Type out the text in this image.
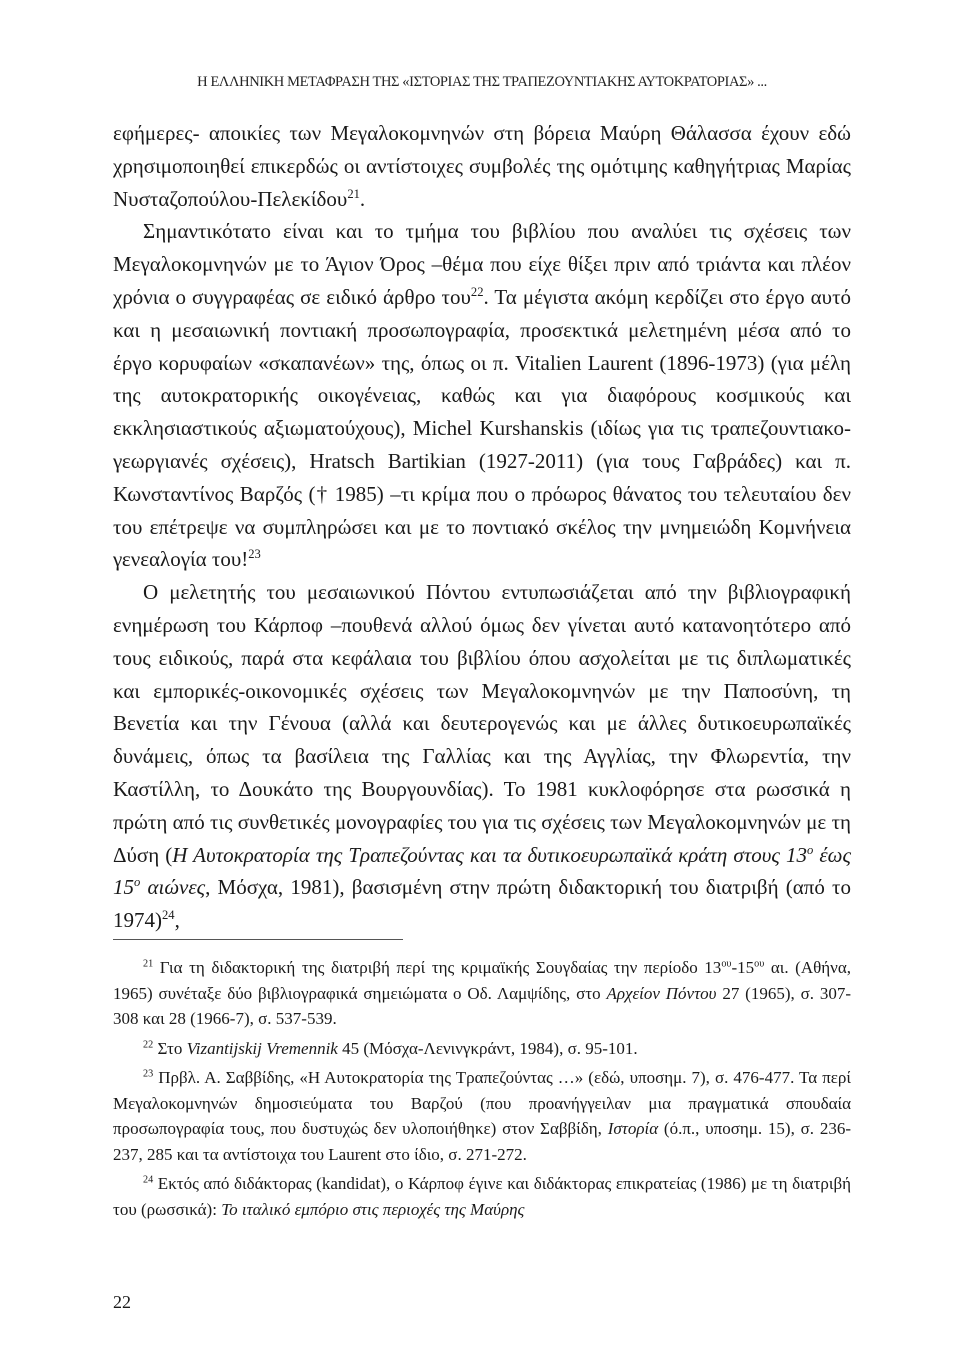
Η ΕΛΛΗΝΙΚΗ ΜΕΤΑΦΡΑΣΗ ΤΗΣ «ΙΣΤΟΡΙΑΣ ΤΗΣ ΤΡΑΠΕΖΟΥΝΤΙΑΚΗΣ ΑΥΤΟΚΡΑΤΟΡΙΑΣ» ...

εφήμερες- αποικίες των Μεγαλοκομνηνών στη βόρεια Μαύρη Θάλασσα έχουν εδώ χρησιμοποιηθεί επικερδώς οι αντίστοιχες συμβολές της ομότιμης καθηγήτριας Μαρίας Νυσταζοπούλου-Πελεκίδου$^{21}$.

Σημαντικότατο είναι και το τμήμα του βιβλίου που αναλύει τις σχέσεις των Μεγαλοκομνηνών με το Άγιον Όρος –θέμα που είχε θίξει πριν από τριάντα και πλέον χρόνια ο συγγραφέας σε ειδικό άρθρο του$^{22}$. Τα μέγιστα ακόμη κερδίζει στο έργο αυτό και η μεσαιωνική ποντιακή προσωπογραφία, προσεκτικά μελετημένη μέσα από το έργο κορυφαίων «σκαπανέων» της, όπως οι π. Vitalien Laurent (1896-1973) (για μέλη της αυτοκρατορικής οικογένειας, καθώς και για διαφόρους κοσμικούς και εκκλησιαστικούς αξιωματούχους), Michel Kurshanskis (ιδίως για τις τραπεζουντιακο-γεωργιανές σχέσεις), Hratsch Bartikian (1927-2011) (για τους Γαβράδες) και π. Κωνσταντίνος Βαρζός († 1985) –τι κρίμα που ο πρόωρος θάνατος του τελευταίου δεν του επέτρεψε να συμπληρώσει και με το ποντιακό σκέλος την μνημειώδη Κομνήνεια γενεαλογία του!$^{23}$

Ο μελετητής του μεσαιωνικού Πόντου εντυπωσιάζεται από την βιβλιογραφική ενημέρωση του Κάρποφ –πουθενά αλλού όμως δεν γίνεται αυτό κατανοητότερο από τους ειδικούς, παρά στα κεφάλαια του βιβλίου όπου ασχολείται με τις διπλωματικές και εμπορικές-οικονομικές σχέσεις των Μεγαλοκομνηνών με την Παποσύνη, τη Βενετία και την Γένουα (αλλά και δευτερογενώς και με άλλες δυτικοευρωπαϊκές δυνάμεις, όπως τα βασίλεια της Γαλλίας και της Αγγλίας, την Φλωρεντία, την Καστίλλη, το Δουκάτο της Βουργουνδίας). Το 1981 κυκλοφόρησε στα ρωσσικά η πρώτη από τις συνθετικές μονογραφίες του για τις σχέσεις των Μεγαλοκομνηνών με τη Δύση (Η Αυτοκρατορία της Τραπεζούντας και τα δυτικοευρωπαϊκά κράτη στους $13^o$ έως $15^o$ αιώνες, Μόσχα, 1981), βασισμένη στην πρώτη διδακτορική του διατριβή (από το 1974)$^{24}$,

$^{21}$ Για τη διδακτορική της διατριβή περί της κριμαϊκής Σουγδαίας την περίοδο $13^{o\upsilon}-15^{o\upsilon}$ αι. (Αθήνα, 1965) συνέταξε δύο βιβλιογραφικά σημειώματα ο Οδ. Λαμψίδης, στο Αρχείον Πόντου 27 (1965), σ. 307-308 και 28 (1966-7), σ. 537-539.

$^{22}$ Στο Vizantijskij Vremennik 45 (Μόσχα-Λενινγκράντ, 1984), σ. 95-101.

$^{23}$ Πρβλ. Α. Σαββίδης, «Η Αυτοκρατορία της Τραπεζούντας …» (εδώ, υποσημ. 7), σ. 476-477. Τα περί Μεγαλοκομνηνών δημοσιεύματα του Βαρζού (που προανήγγειλαν μια πραγματικά σπουδαία προσωπογραφία τους, που δυστυχώς δεν υλοποιήθηκε) στον Σαββίδη, Ιστορία (ό.π., υποσημ. 15), σ. 236-237, 285 και τα αντίστοιχα του Laurent στο ίδιο, σ. 271-272.

$^{24}$ Εκτός από διδάκτορας (kandidat), ο Κάρποφ έγινε και διδάκτορας επικρατείας (1986) με τη διατριβή του (ρωσσικά): Το ιταλικό εμπόριο στις περιοχές της Μαύρης

22
